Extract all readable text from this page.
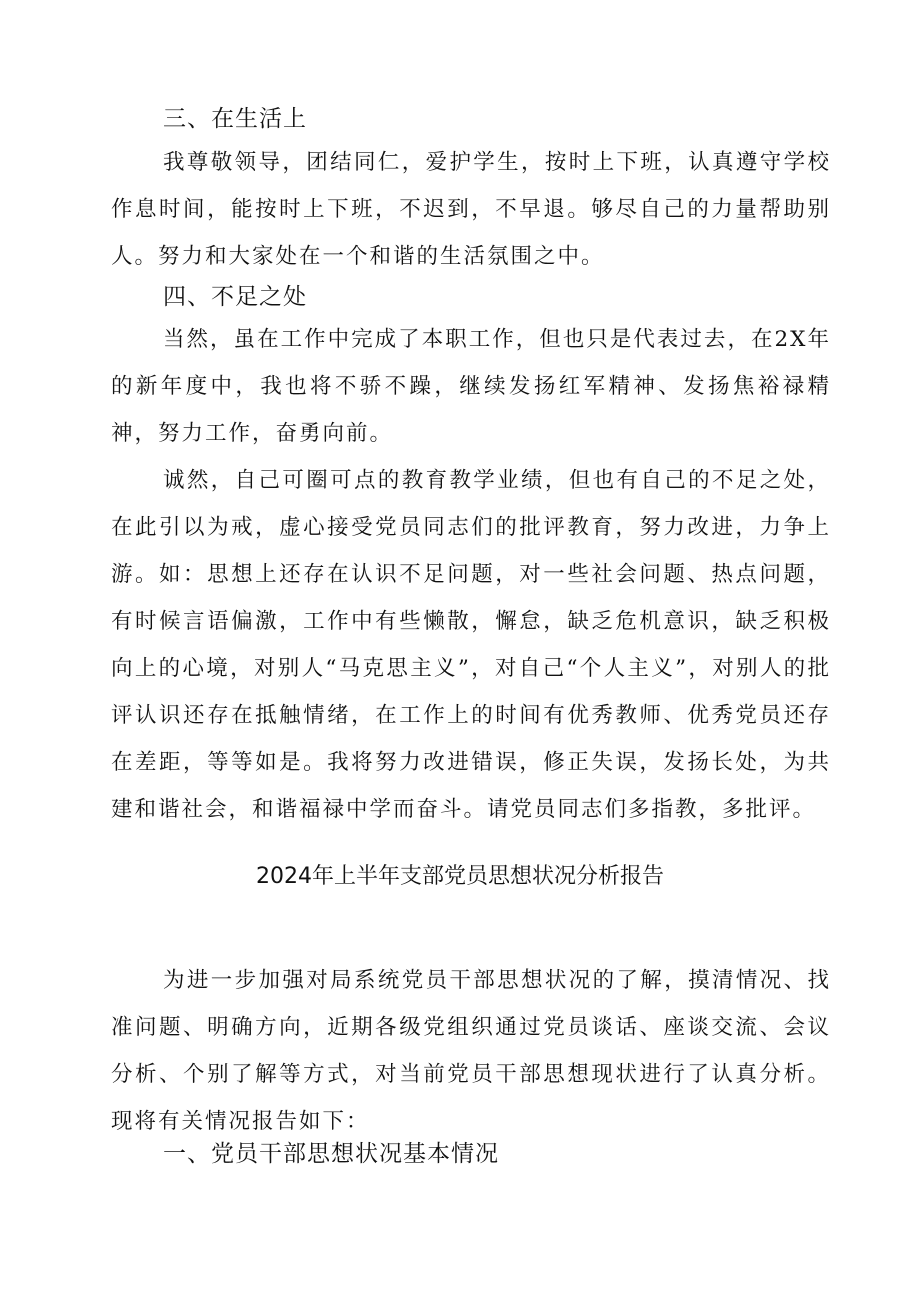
三、在生活上
我尊敬领导，团结同仁，爱护学生，按时上下班，认真遵守学校作息时间，能按时上下班，不迟到，不早退。够尽自己的力量帮助别人。努力和大家处在一个和谐的生活氛围之中。
四、不足之处
当然，虽在工作中完成了本职工作，但也只是代表过去，在2X年的新年度中，我也将不骄不躁，继续发扬红军精神、发扬焦裕禄精神，努力工作，奋勇向前。
诚然，自己可圈可点的教育教学业绩，但也有自己的不足之处，在此引以为戒，虚心接受党员同志们的批评教育，努力改进，力争上游。如：思想上还存在认识不足问题，对一些社会问题、热点问题，有时候言语偏激，工作中有些懒散，懈怠，缺乏危机意识，缺乏积极向上的心境，对别人“马克思主义”，对自己“个人主义”，对别人的批评认识还存在抵触情绪，在工作上的时间有优秀教师、优秀党员还存在差距，等等如是。我将努力改进错误，修正失误，发扬长处，为共建和谐社会，和谐福禄中学而奋斗。请党员同志们多指教，多批评。
2024年上半年支部党员思想状况分析报告
为进一步加强对局系统党员干部思想状况的了解，摸清情况、找准问题、明确方向，近期各级党组织通过党员谈话、座谈交流、会议分析、个别了解等方式，对当前党员干部思想现状进行了认真分析。现将有关情况报告如下：
一、党员干部思想状况基本情况
